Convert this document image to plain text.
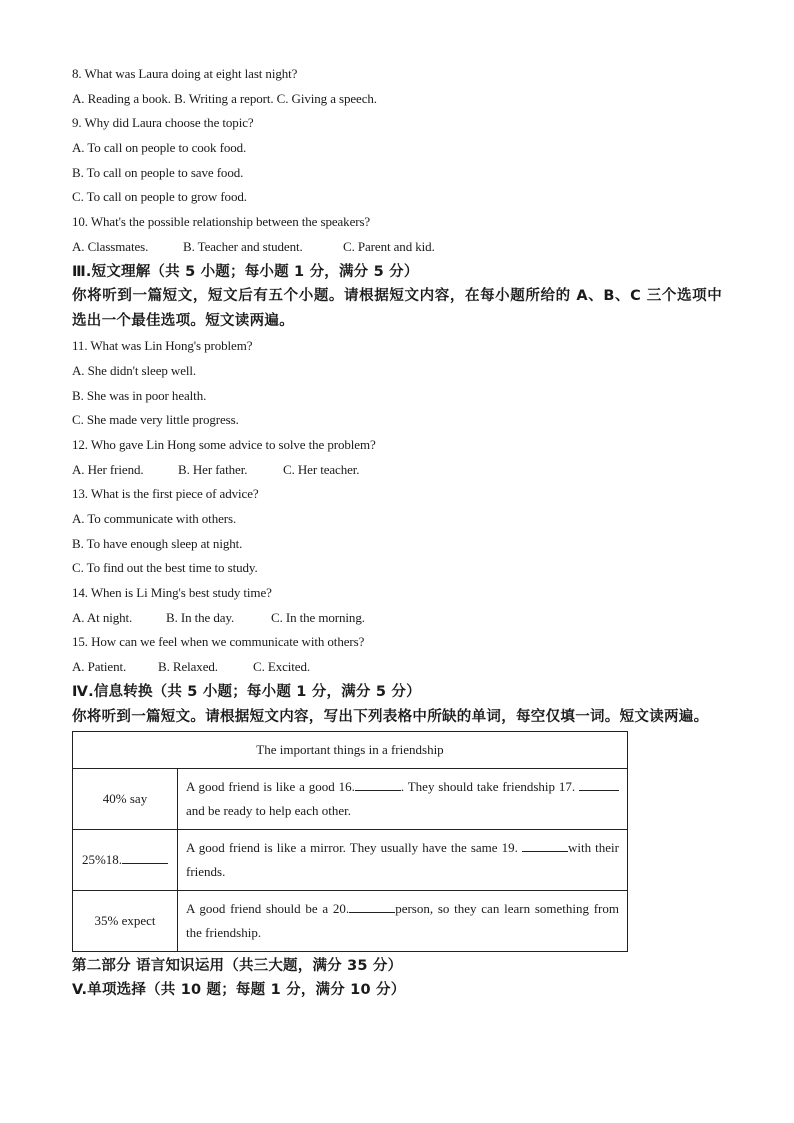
8. What was Laura doing at eight last night?
A. Reading a book. B. Writing a report. C. Giving a speech.
9. Why did Laura choose the topic?
A. To call on people to cook food.
B. To call on people to save food.
C. To call on people to grow food.
10. What's the possible relationship between the speakers?
A. Classmates.	B. Teacher and student.	C. Parent and kid.
Ⅲ.短文理解（共 5 小题；每小题 1 分，满分 5 分）
你将听到一篇短文，短文后有五个小题。请根据短文内容，在每小题所给的 A、B、C 三个选项中选出一个最佳选项。短文读两遍。
11. What was Lin Hong's problem?
A. She didn't sleep well.
B. She was in poor health.
C. She made very little progress.
12. Who gave Lin Hong some advice to solve the problem?
A. Her friend.	B. Her father.	C. Her teacher.
13. What is the first piece of advice?
A. To communicate with others.
B. To have enough sleep at night.
C. To find out the best time to study.
14. When is Li Ming's best study time?
A. At night.	B. In the day.	C. In the morning.
15. How can we feel when we communicate with others?
A. Patient. B. Relaxed.	C. Excited.
Ⅳ.信息转换（共 5 小题；每小题 1 分，满分 5 分）
你将听到一篇短文。请根据短文内容，写出下列表格中所缺的单词，每空仅填一词。短文读两遍。
The important things in a friendship	
40% say	A good friend is like a good 16. . They should take friendship 17. and be ready to help each other.
25%18.	A good friend is like a mirror. They usually have the same 19. with their friends.
35% expect	A good friend should be a 20. person, so they can learn something from the friendship.
第二部分 语言知识运用（共三大题，满分 35 分）
V.单项选择（共 10 题；每题 1 分，满分 10 分）
